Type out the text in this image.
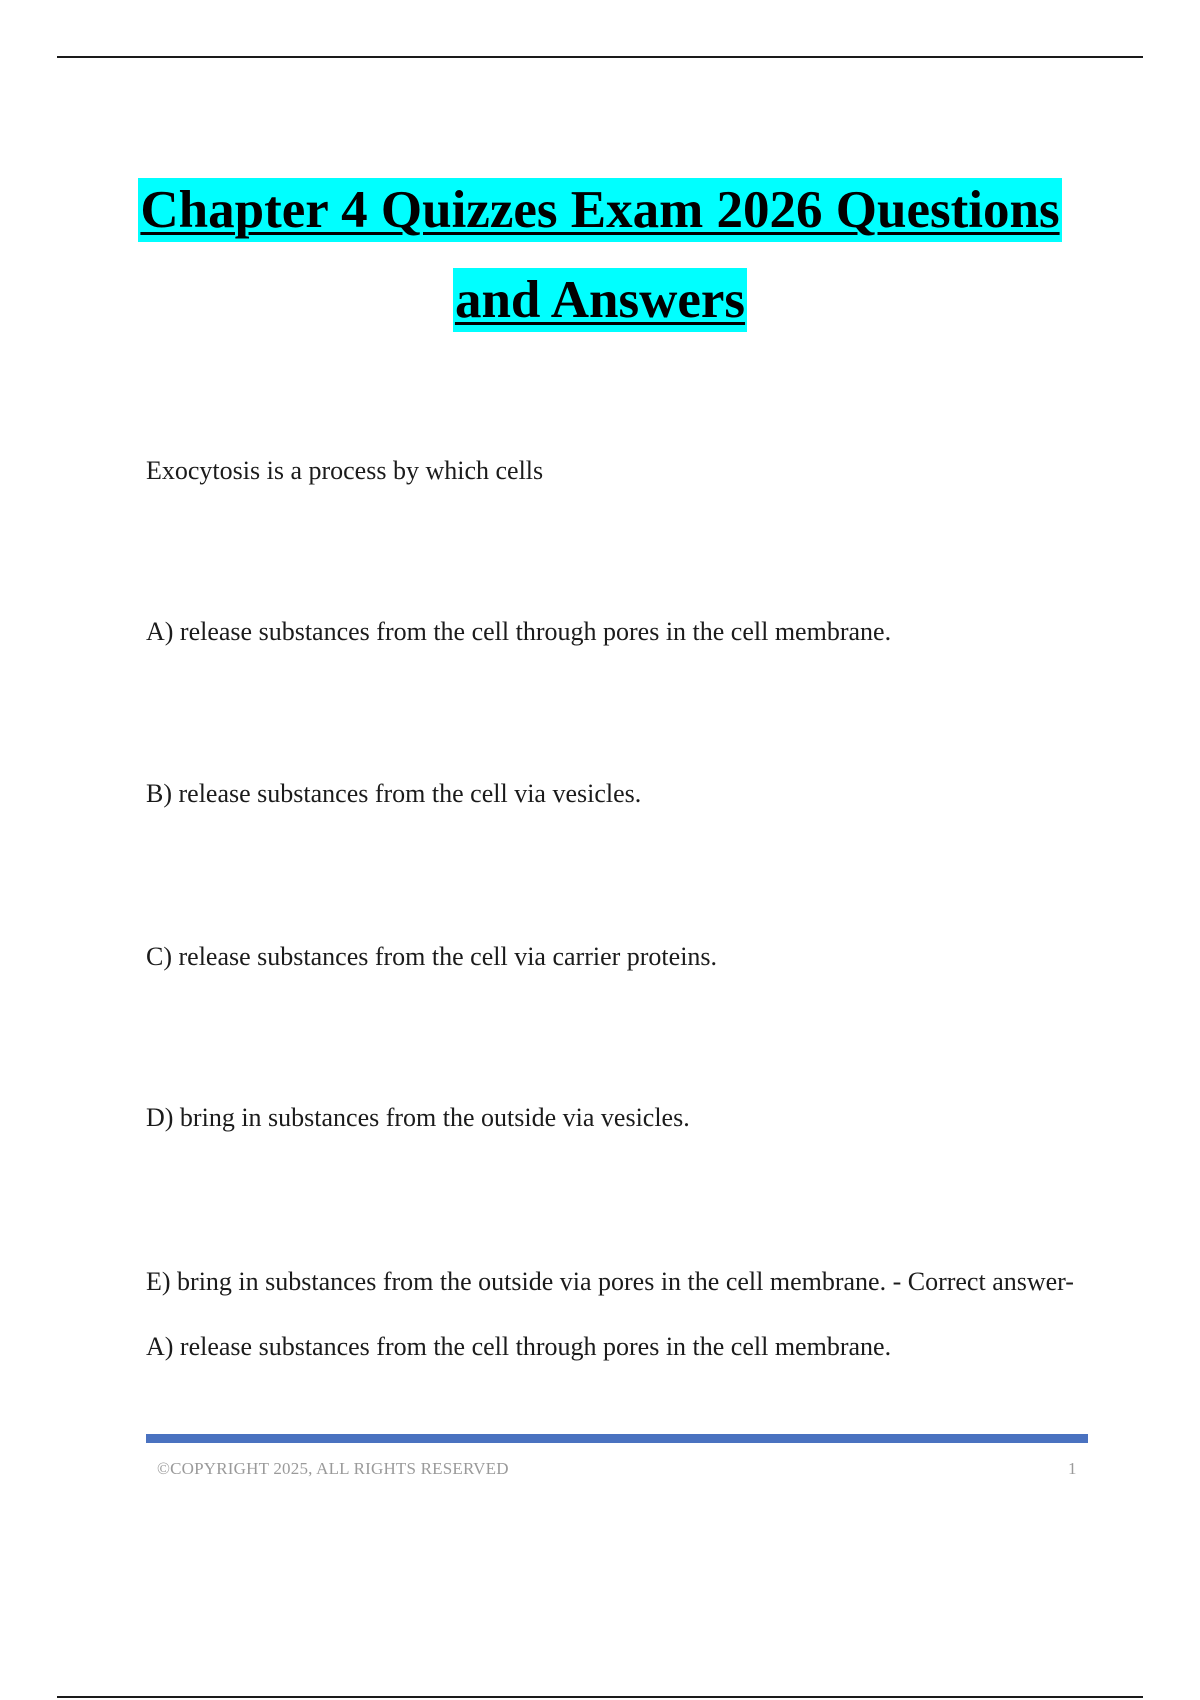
Chapter 4 Quizzes Exam 2026 Questions
and Answers
Exocytosis is a process by which cells
A) release substances from the cell through pores in the cell membrane.
B) release substances from the cell via vesicles.
C) release substances from the cell via carrier proteins.
D) bring in substances from the outside via vesicles.
E) bring in substances from the outside via pores in the cell membrane. - Correct answer-A) release substances from the cell through pores in the cell membrane.
©COPYRIGHT 2025, ALL RIGHTS RESERVED	1
